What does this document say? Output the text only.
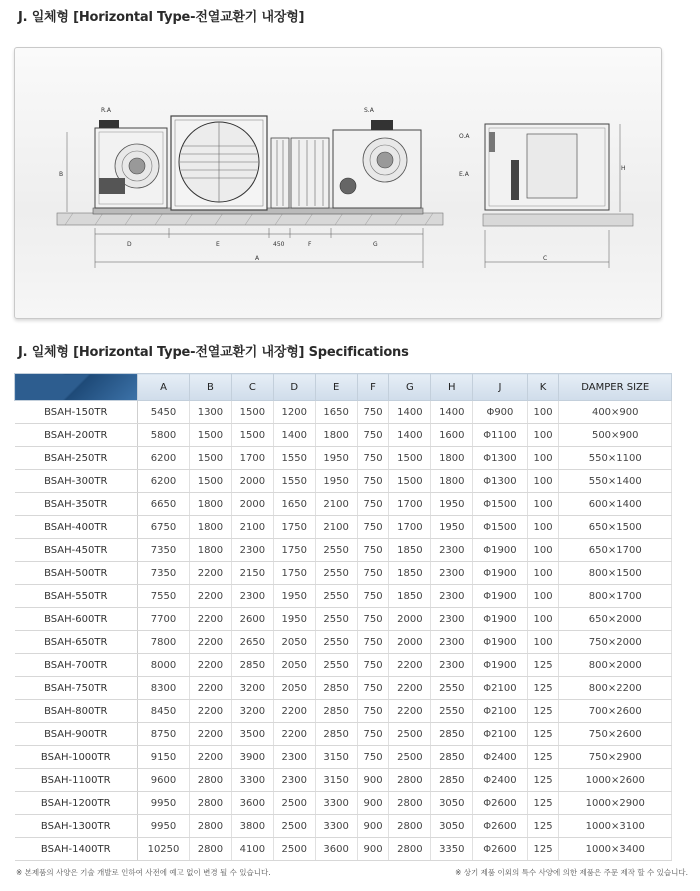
J. 일체형 [Horizontal Type-전열교환기 내장형]
R.A	S.A
B
D	E	450	F	G
A
O.A
E.A
H
C
J. 일체형 [Horizontal Type-전열교환기 내장형] Specifications
	A	B	C	D	E	F	G	H	J	K	DAMPER SIZE
BSAH-150TR	5450	1300	1500	1200	1650	750	1400	1400	Φ900	100	400×900
BSAH-200TR	5800	1500	1500	1400	1800	750	1400	1600	Φ1100	100	500×900
BSAH-250TR	6200	1500	1700	1550	1950	750	1500	1800	Φ1300	100	550×1100
BSAH-300TR	6200	1500	2000	1550	1950	750	1500	1800	Φ1300	100	550×1400
BSAH-350TR	6650	1800	2000	1650	2100	750	1700	1950	Φ1500	100	600×1400
BSAH-400TR	6750	1800	2100	1750	2100	750	1700	1950	Φ1500	100	650×1500
BSAH-450TR	7350	1800	2300	1750	2550	750	1850	2300	Φ1900	100	650×1700
BSAH-500TR	7350	2200	2150	1750	2550	750	1850	2300	Φ1900	100	800×1500
BSAH-550TR	7550	2200	2300	1950	2550	750	1850	2300	Φ1900	100	800×1700
BSAH-600TR	7700	2200	2600	1950	2550	750	2000	2300	Φ1900	100	650×2000
BSAH-650TR	7800	2200	2650	2050	2550	750	2000	2300	Φ1900	100	750×2000
BSAH-700TR	8000	2200	2850	2050	2550	750	2200	2300	Φ1900	125	800×2000
BSAH-750TR	8300	2200	3200	2050	2850	750	2200	2550	Φ2100	125	800×2200
BSAH-800TR	8450	2200	3200	2200	2850	750	2200	2550	Φ2100	125	700×2600
BSAH-900TR	8750	2200	3500	2200	2850	750	2500	2850	Φ2100	125	750×2600
BSAH-1000TR	9150	2200	3900	2300	3150	750	2500	2850	Φ2400	125	750×2900
BSAH-1100TR	9600	2800	3300	2300	3150	900	2800	2850	Φ2400	125	1000×2600
BSAH-1200TR	9950	2800	3600	2500	3300	900	2800	3050	Φ2600	125	1000×2900
BSAH-1300TR	9950	2800	3800	2500	3300	900	2800	3050	Φ2600	125	1000×3100
BSAH-1400TR	10250	2800	4100	2500	3600	900	2800	3350	Φ2600	125	1000×3400
※ 본제품의 사양은 기술 개발로 인하여 사전에 예고 없이 변경 될 수 있습니다.	※ 상기 제품 이외의 특수 사양에 의한 제품은 주문 제작 할 수 있습니다.
